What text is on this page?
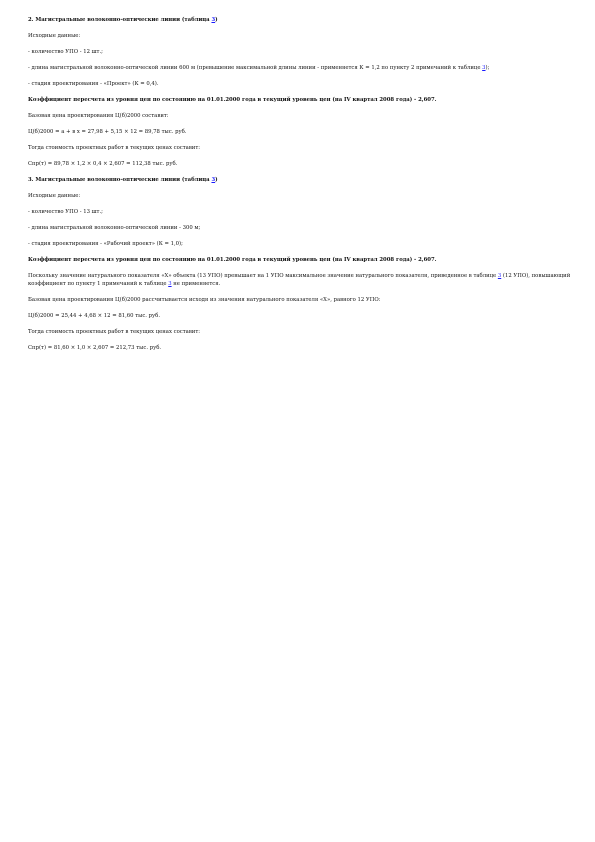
2. Магистральные волоконно-оптические линии (таблица 3)

Исходные данные:

- количество УПО - 12 шт.;

- длина магистральной волоконно-оптической линии 600 м (превышение максимальной длины линии - применяется К = 1,2 по пункту 2 примечаний к таблице 3);

- стадия проектирования - «Проект» (К = 0,4).

Коэффициент пересчета из уровня цен по состоянию на 01.01.2000 года в текущий уровень цен (на IV квартал 2008 года) - 2,607.

Базовая цена проектирования Ц(б)2000 составит:

Ц(б)2000 = а + в x = 27,98 + 5,15 × 12 = 89,78 тыс. руб.

Тогда стоимость проектных работ в текущих ценах составит:

Спр(т) = 89,78 × 1,2 × 0,4 × 2,607 = 112,38 тыс. руб.

3. Магистральные волоконно-оптические линии (таблица 3)

Исходные данные:

- количество УПО - 13 шт.;

- длина магистральной волоконно-оптической линии - 300 м;

- стадия проектирования - «Рабочий проект» (К = 1,0);

Коэффициент пересчета из уровня цен по состоянию на 01.01.2000 года в текущий уровень цен (на IV квартал 2008 года) - 2,607.

Поскольку значение натурального показателя «Х» объекта (13 УПО) превышает на 1 УПО максимальное значение натурального показателя, приведенное в таблице 3 (12 УПО), повышающий коэффициент по пункту 1 примечаний к таблице 3 не применяется.

Базовая цена проектирования Ц(б)2000 рассчитывается исходя из значения натурального показателя «Х», равного 12 УПО:

Ц(б)2000 = 25,44 + 4,68 × 12 = 81,60 тыс. руб.

Тогда стоимость проектных работ в текущих ценах составит:

Спр(т) = 81,60 × 1,0 × 2,607 = 212,73 тыс. руб.
